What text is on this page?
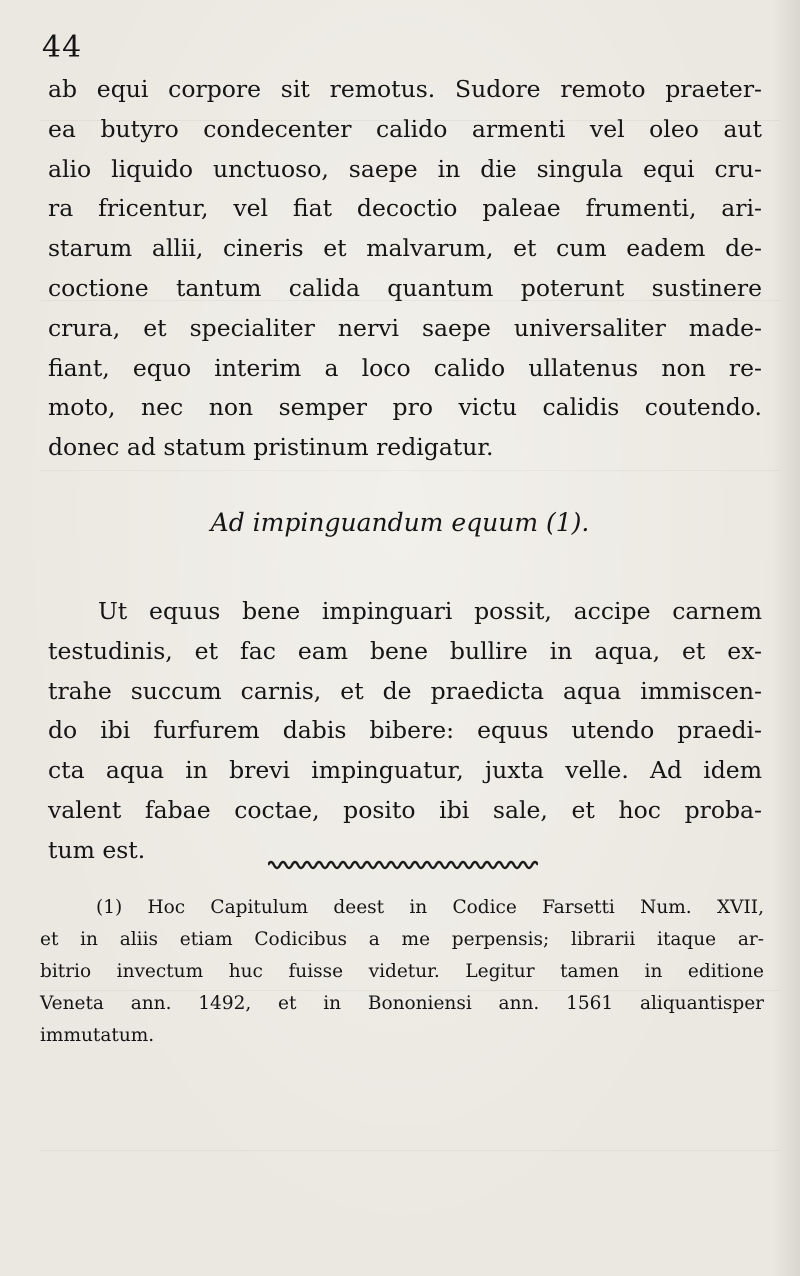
44
ab equi corpore sit remotus. Sudore remoto praeter-
ea butyro condecenter calido armenti vel oleo aut
alio liquido unctuoso, saepe in die singula equi cru-
ra fricentur, vel fiat decoctio paleae frumenti, ari-
starum allii, cineris et malvarum, et cum eadem de-
coctione tantum calida quantum poterunt sustinere
crura, et specialiter nervi saepe universaliter made-
fiant, equo interim a loco calido ullatenus non re-
moto, nec non semper pro victu calidis coutendo.
donec ad statum pristinum redigatur.
Ad impinguandum equum (1).
Ut equus bene impinguari possit, accipe carnem
testudinis, et fac eam bene bullire in aqua, et ex-
trahe succum carnis, et de praedicta aqua immiscen-
do ibi furfurem dabis bibere: equus utendo praedi-
cta aqua in brevi impinguatur, juxta velle. Ad idem
valent fabae coctae, posito ibi sale, et hoc proba-
tum est.
(1) Hoc Capitulum deest in Codice Farsetti Num. XVII,
et in aliis etiam Codicibus a me perpensis; librarii itaque ar-
bitrio invectum huc fuisse videtur. Legitur tamen in editione
Veneta ann. 1492, et in Bononiensi ann. 1561 aliquantisper
immutatum.
